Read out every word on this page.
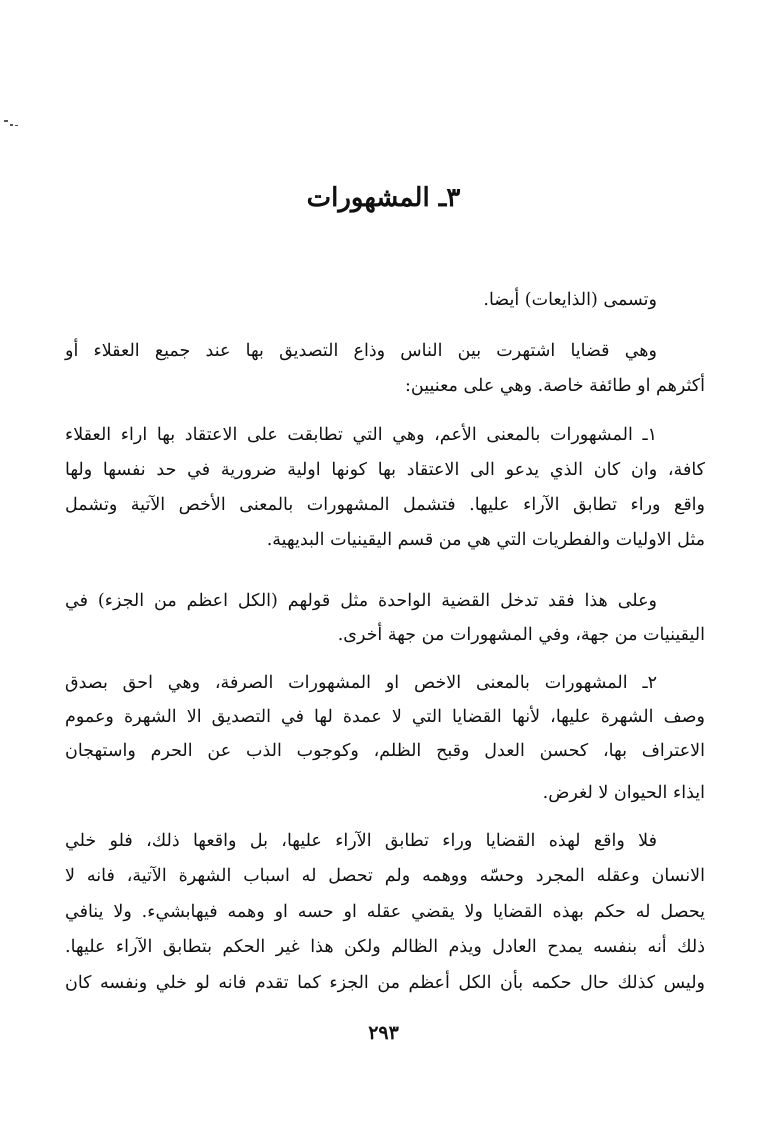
٣ـ المشهورات
وتسمى (الذايعات) أيضا.
وهي قضايا اشتهرت بين الناس وذاع التصديق بها عند جميع العقلاء أو
أكثرهم او طائفة خاصة. وهي على معنيين:
١ـ المشهورات بالمعنى الأعم، وهي التي تطابقت على الاعتقاد بها اراء العقلاء
كافة، وان كان الذي يدعو الى الاعتقاد بها كونها اولية ضرورية في حد نفسها ولها
واقع وراء تطابق الآراء عليها. فتشمل المشهورات بالمعنى الأخص الآتية وتشمل
مثل الاوليات والفطريات التي هي من قسم اليقينيات البديهية.
وعلى هذا فقد تدخل القضية الواحدة مثل قولهم (الكل اعظم من الجزء) في
اليقينيات من جهة، وفي المشهورات من جهة أخرى.
٢ـ المشهورات بالمعنى الاخص او المشهورات الصرفة، وهي احق بصدق
وصف الشهرة عليها، لأنها القضايا التي لا عمدة لها في التصديق الا الشهرة وعموم
الاعتراف بها، كحسن العدل وقبح الظلم، وكوجوب الذب عن الحرم واستهجان
ايذاء الحيوان لا لغرض.
فلا واقع لهذه القضايا وراء تطابق الآراء عليها، بل واقعها ذلك، فلو خلي
الانسان وعقله المجرد وحسّه ووهمه ولم تحصل له اسباب الشهرة الآتية، فانه لا
يحصل له حكم بهذه القضايا ولا يقضي عقله او حسه او وهمه فيهابشيء. ولا ينافي
ذلك أنه بنفسه يمدح العادل ويذم الظالم ولكن هذا غير الحكم بتطابق الآراء عليها.
وليس كذلك حال حكمه بأن الكل أعظم من الجزء كما تقدم فانه لو خلي ونفسه كان
٢٩٣
